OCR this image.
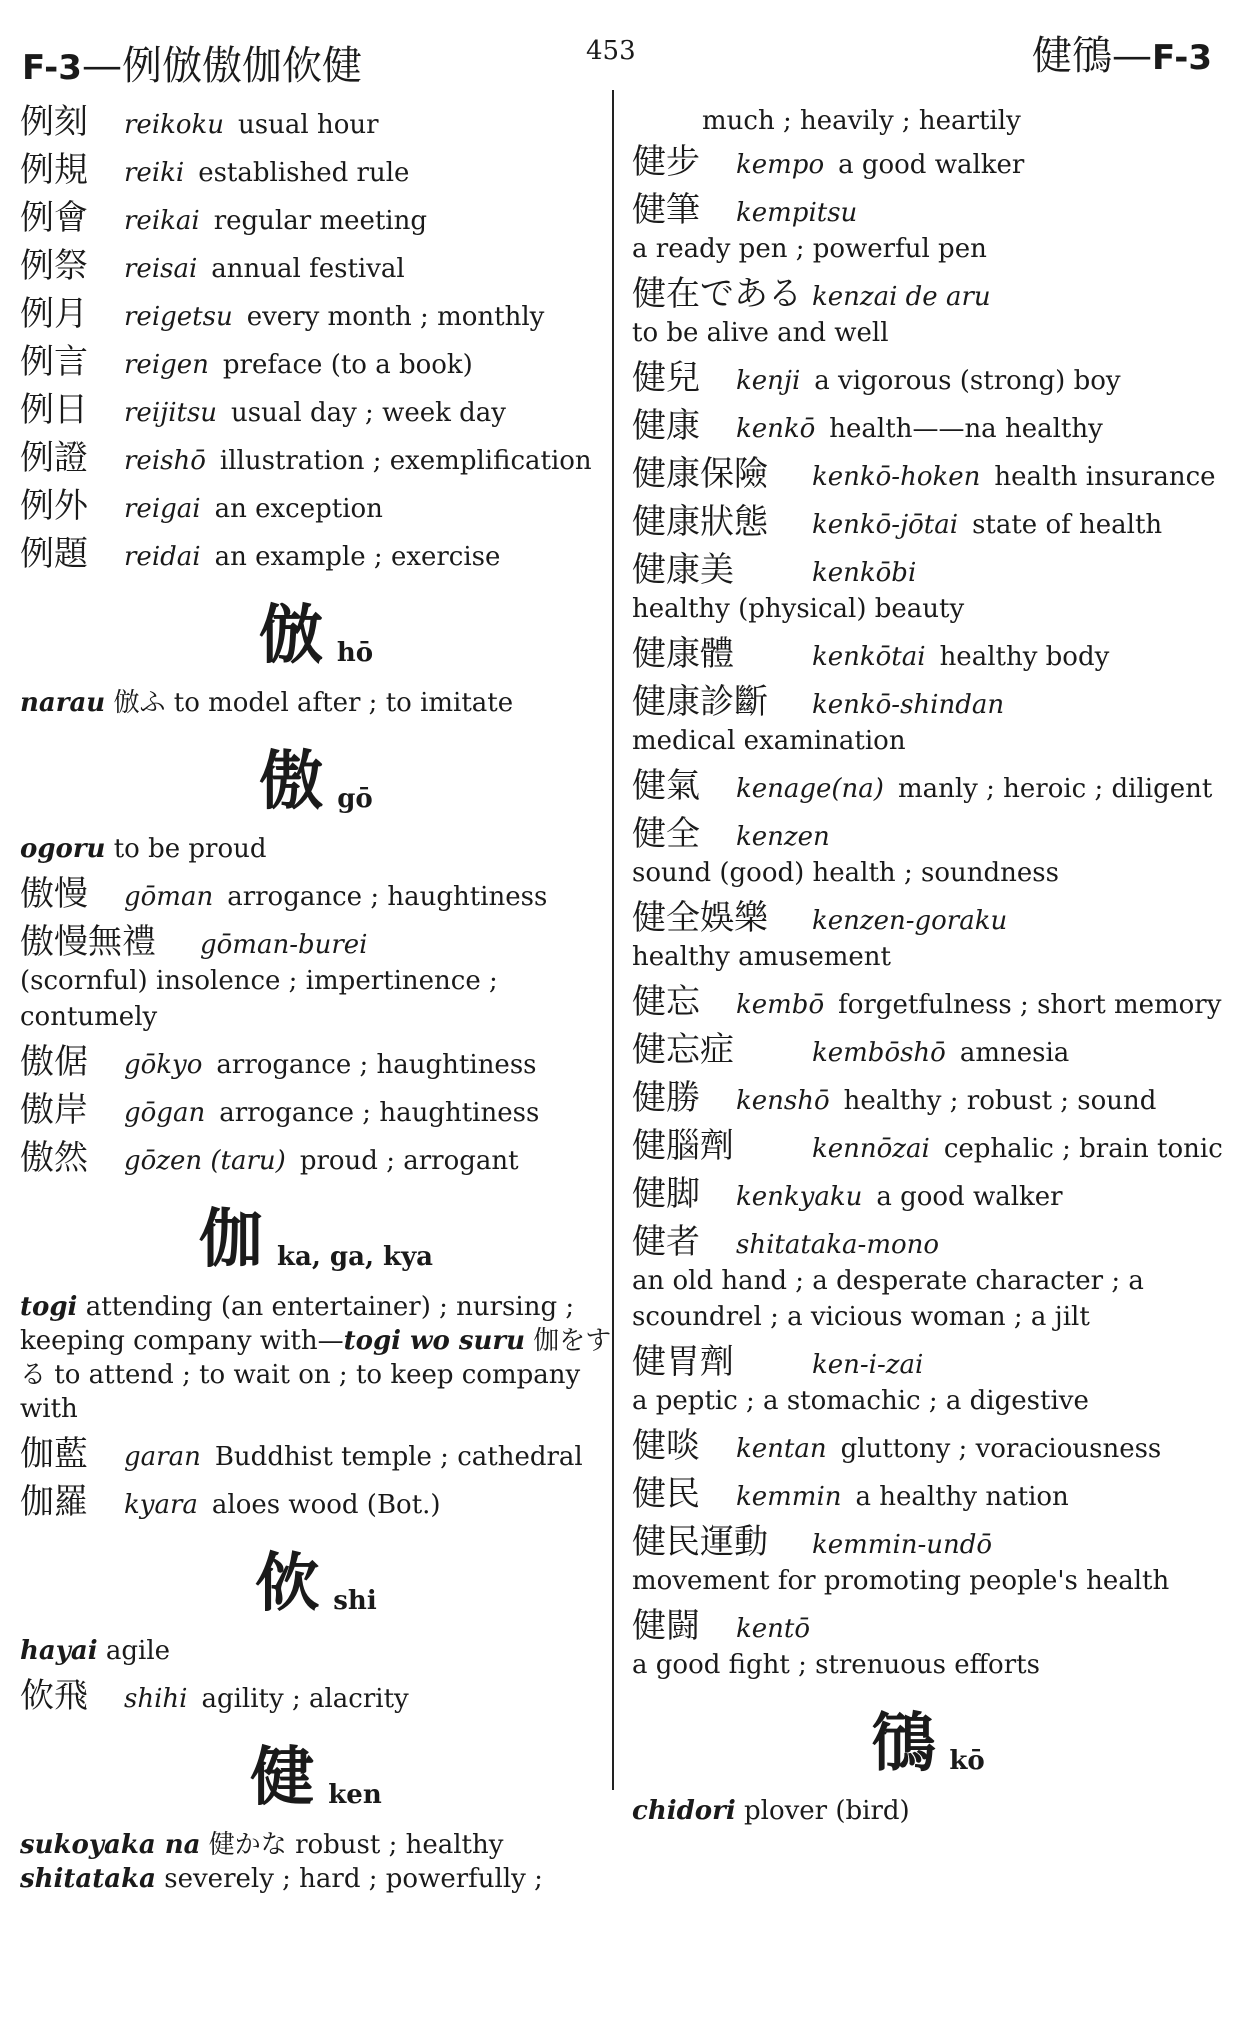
F-3—例倣傲伽佽健	453	健鴴—F-3
例刻	reikoku usual hour
例規	reiki established rule
例會	reikai regular meeting
例祭	reisai annual festival
例月	reigetsu every month ; monthly
例言	reigen preface (to a book)
例日	reijitsu usual day ; week day
例證	reishō illustration ; exemplification
例外	reigai an exception
例題	reidai an example ; exercise
倣hō

narau 倣ふ to model after ; to imitate

傲gō

ogoru to be proud

傲慢	gōman arrogance ; haughtiness
傲慢無禮	gōman-burei
(scornful) insolence ; impertinence ; contumely
傲倨	gōkyo arrogance ; haughtiness
傲岸	gōgan arrogance ; haughtiness
傲然	gōzen (taru) proud ; arrogant
伽ka, ga, kya

togi attending (an entertainer) ; nursing ; keeping company with—togi wo suru 伽をする to attend ; to wait on ; to keep company with

伽藍	garan Buddhist temple ; cathedral
伽羅	kyara aloes wood (Bot.)
佽shi

hayai agile

佽飛	shihi agility ; alacrity
健ken

sukoyaka na 健かな robust ; healthy
shitataka severely ; hard ; powerfully ;

much ; heavily ; heartily
健步	kempo a good walker
健筆	kempitsu
a ready pen ; powerful pen
健在である kenzai de aru
to be alive and well
健兒	kenji a vigorous (strong) boy
健康	kenkō health——na healthy
健康保險	kenkō-hoken health insurance
健康狀態	kenkō-jōtai state of health
健康美	kenkōbi
healthy (physical) beauty
健康體	kenkōtai healthy body
健康診斷	kenkō-shindan
medical examination
健氣	kenage(na) manly ; heroic ; diligent
健全	kenzen
sound (good) health ; soundness
健全娛樂	kenzen-goraku
healthy amusement
健忘	kembō forgetfulness ; short memory
健忘症	kembōshō amnesia
健勝	kenshō healthy ; robust ; sound
健腦劑	kennōzai cephalic ; brain tonic
健脚	kenkyaku a good walker
健者	shitataka-mono
an old hand ; a desperate character ; a scoundrel ; a vicious woman ; a jilt
健胃劑	ken-i-zai
a peptic ; a stomachic ; a digestive
健啖	kentan gluttony ; voraciousness
健民	kemmin a healthy nation
健民運動	kemmin-undō
movement for promoting people's health
健闘	kentō
a good fight ; strenuous efforts
鴴kō

chidori plover (bird)
